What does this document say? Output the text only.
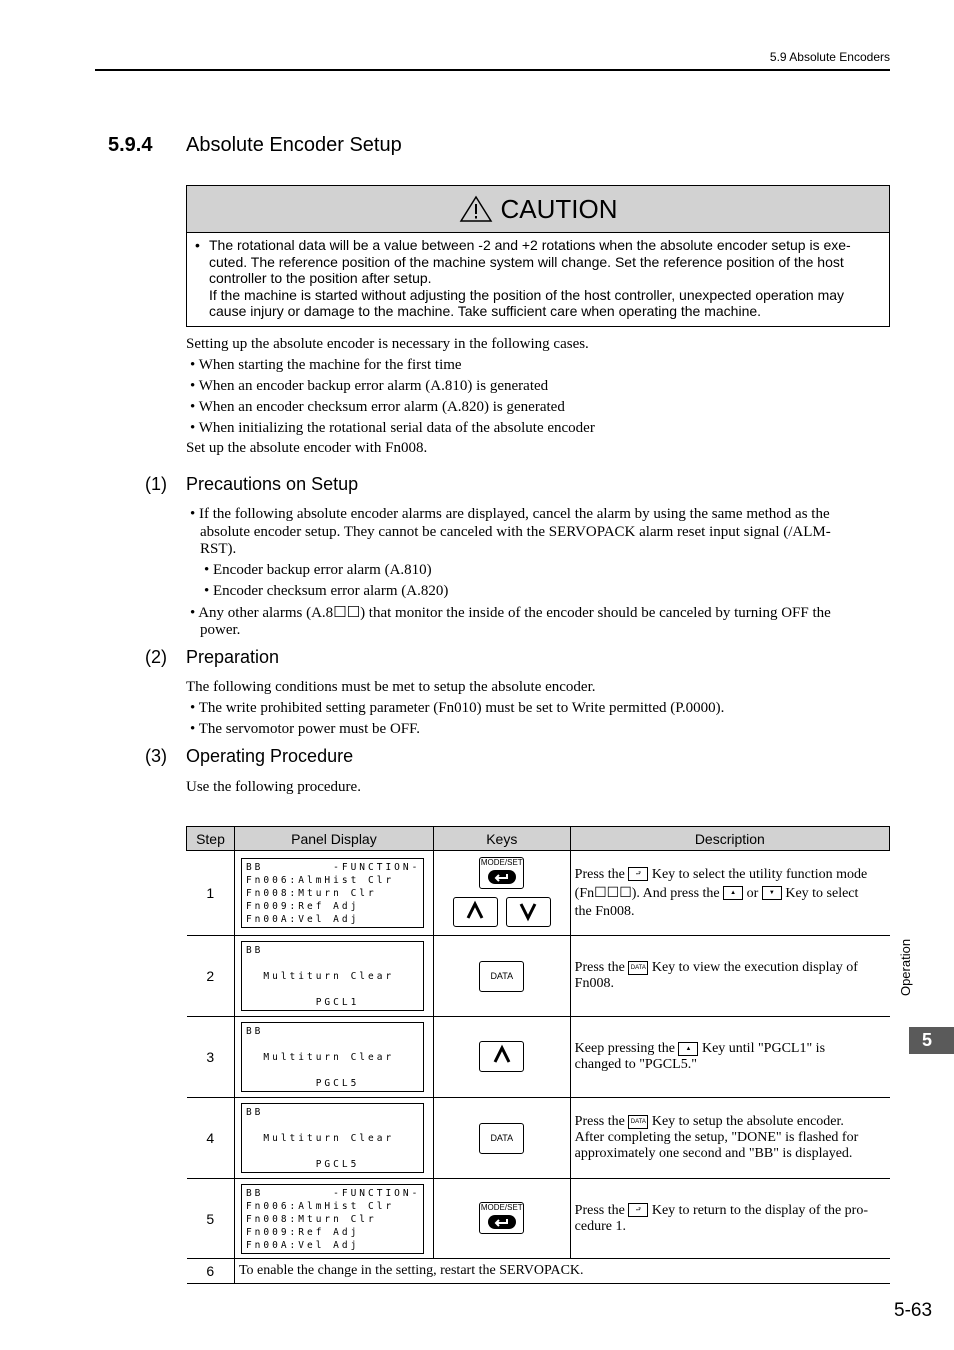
5.9 Absolute Encoders
5.9.4 Absolute Encoder Setup
CAUTION
• The rotational data will be a value between -2 and +2 rotations when the absolute encoder setup is exe-
cuted. The reference position of the machine system will change. Set the reference position of the host
controller to the position after setup.
If the machine is started without adjusting the position of the host controller, unexpected operation may
cause injury or damage to the machine. Take sufficient care when operating the machine.
Setting up the absolute encoder is necessary in the following cases.
• When starting the machine for the first time
• When an encoder backup error alarm (A.810) is generated
• When an encoder checksum error alarm (A.820) is generated
• When initializing the rotational serial data of the absolute encoder
Set up the absolute encoder with Fn008.
(1) Precautions on Setup
• If the following absolute encoder alarms are displayed, cancel the alarm by using the same method as the
absolute encoder setup. They cannot be canceled with the SERVOPACK alarm reset input signal (/ALM-
RST).
• Encoder backup error alarm (A.810)
• Encoder checksum error alarm (A.820)
• Any other alarms (A.8☐☐) that monitor the inside of the encoder should be canceled by turning OFF the
power.
(2) Preparation
The following conditions must be met to setup the absolute encoder.
• The write prohibited setting parameter (Fn010) must be set to Write permitted (P.0000).
• The servomotor power must be OFF.
(3) Operating Procedure
Use the following procedure.
Step	Panel Display	Keys	Description
1	BB        -FUNCTION-
Fn006:AlmHist Clr
Fn008:Mturn Clr
Fn009:Ref Adj
Fn00A:Vel Adj	MODE/SET	Press the ⮐ Key to select the utility function mode
(Fn☐☐☐). And press the ▲ or ▼ Key to select
the Fn008.
2	BB

Multiturn Clear

PGCL1	DATA	Press the DATA Key to view the execution display of
Fn008.
3	BB

Multiturn Clear

PGCL5		Keep pressing the ▲ Key until "PGCL1" is
changed to "PGCL5."
4	BB

Multiturn Clear

PGCL5	DATA	Press the DATA Key to setup the absolute encoder.
After completing the setup, "DONE" is flashed for
approximately one second and "BB" is displayed.
5	BB        -FUNCTION-
Fn006:AlmHist Clr
Fn008:Mturn Clr
Fn009:Ref Adj
Fn00A:Vel Adj	MODE/SET	Press the ⮐ Key to return to the display of the pro-
cedure 1.
6	To enable the change in the setting, restart the SERVOPACK.		
Operation
5
5-63
